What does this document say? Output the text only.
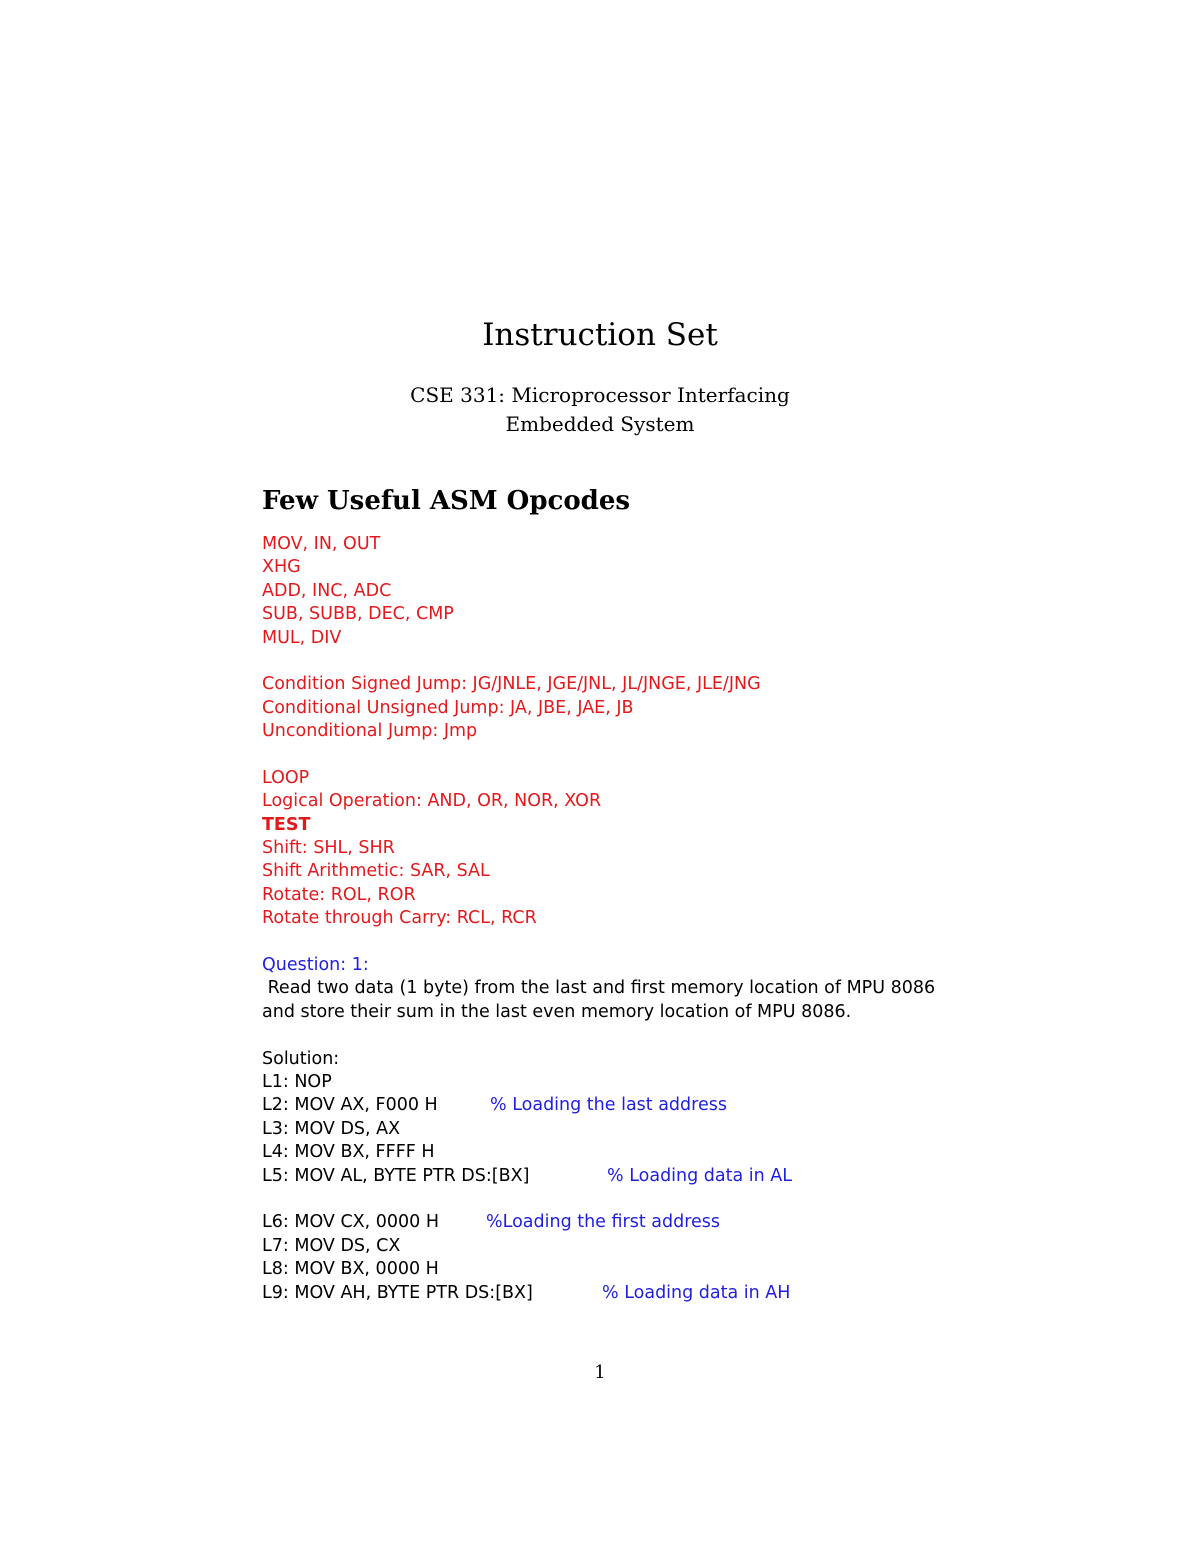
Instruction Set
CSE 331: Microprocessor Interfacing
Embedded System
Few Useful ASM Opcodes
MOV, IN, OUT
XHG
ADD, INC, ADC
SUB, SUBB, DEC, CMP
MUL, DIV
Condition Signed Jump: JG/JNLE, JGE/JNL, JL/JNGE, JLE/JNG
Conditional Unsigned Jump: JA, JBE, JAE, JB
Unconditional Jump: Jmp
LOOP
Logical Operation: AND, OR, NOR, XOR
TEST
Shift: SHL, SHR
Shift Arithmetic: SAR, SAL
Rotate: ROL, ROR
Rotate through Carry: RCL, RCR
Question: 1:
Read two data (1 byte) from the last and first memory location of MPU 8086
and store their sum in the last even memory location of MPU 8086.
Solution:
L1: NOP
L2: MOV AX, F000 H	% Loading the last address
L3: MOV DS, AX
L4: MOV BX, FFFF H
L5: MOV AL, BYTE PTR DS:[BX]	% Loading data in AL
L6: MOV CX, 0000 H	%Loading the first address
L7: MOV DS, CX
L8: MOV BX, 0000 H
L9: MOV AH, BYTE PTR DS:[BX]	% Loading data in AH
1
